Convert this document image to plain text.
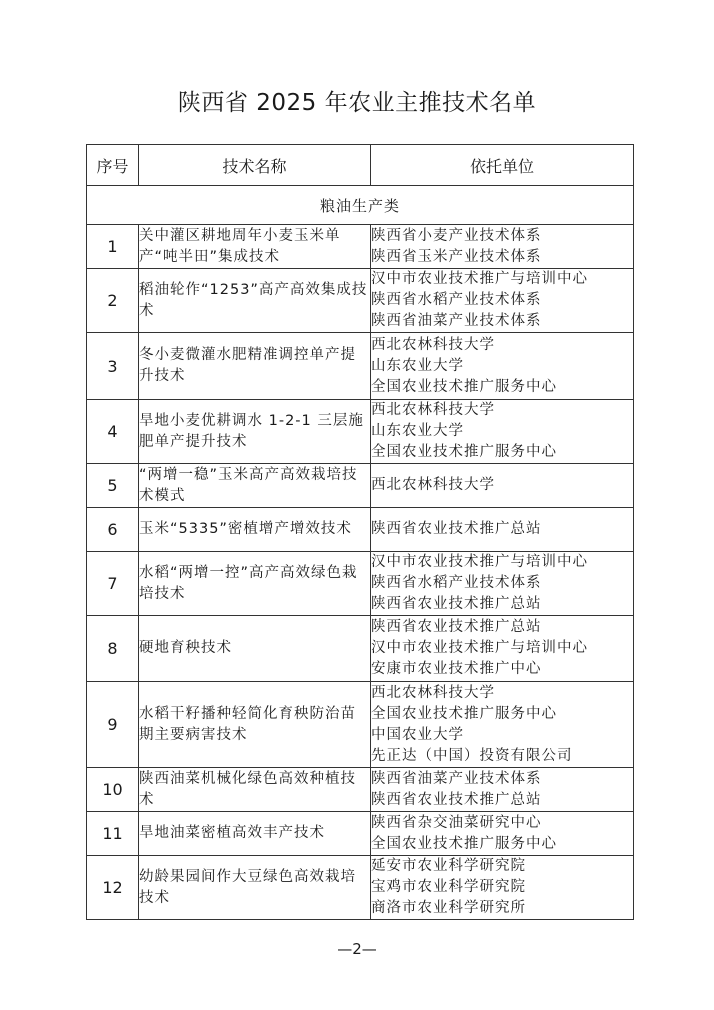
陕西省 2025 年农业主推技术名单
序号	技术名称	依托单位
粮油生产类		
1	关中灌区耕地周年小麦玉米单产“吨半田”集成技术	陕西省小麦产业技术体系
陕西省玉米产业技术体系

2	稻油轮作“1253”高产高效集成技术	汉中市农业技术推广与培训中心
陕西省水稻产业技术体系
陕西省油菜产业技术体系

3	冬小麦微灌水肥精准调控单产提升技术	西北农林科技大学
山东农业大学
全国农业技术推广服务中心

4	旱地小麦优耕调水 1-2-1 三层施肥单产提升技术	西北农林科技大学
山东农业大学
全国农业技术推广服务中心

5	“两增一稳”玉米高产高效栽培技术模式	西北农林科技大学

6	玉米“5335”密植增产增效技术	陕西省农业技术推广总站

7	水稻“两增一控”高产高效绿色栽培技术	汉中市农业技术推广与培训中心
陕西省水稻产业技术体系
陕西省农业技术推广总站

8	硬地育秧技术	陕西省农业技术推广总站
汉中市农业技术推广与培训中心
安康市农业技术推广中心

9	水稻干籽播种轻简化育秧防治苗期主要病害技术	西北农林科技大学
全国农业技术推广服务中心
中国农业大学
先正达（中国）投资有限公司

10	陕西油菜机械化绿色高效种植技术	陕西省油菜产业技术体系
陕西省农业技术推广总站

11	旱地油菜密植高效丰产技术	陕西省杂交油菜研究中心
全国农业技术推广服务中心

12	幼龄果园间作大豆绿色高效栽培技术	延安市农业科学研究院
宝鸡市农业科学研究院
商洛市农业科学研究所
—2—
